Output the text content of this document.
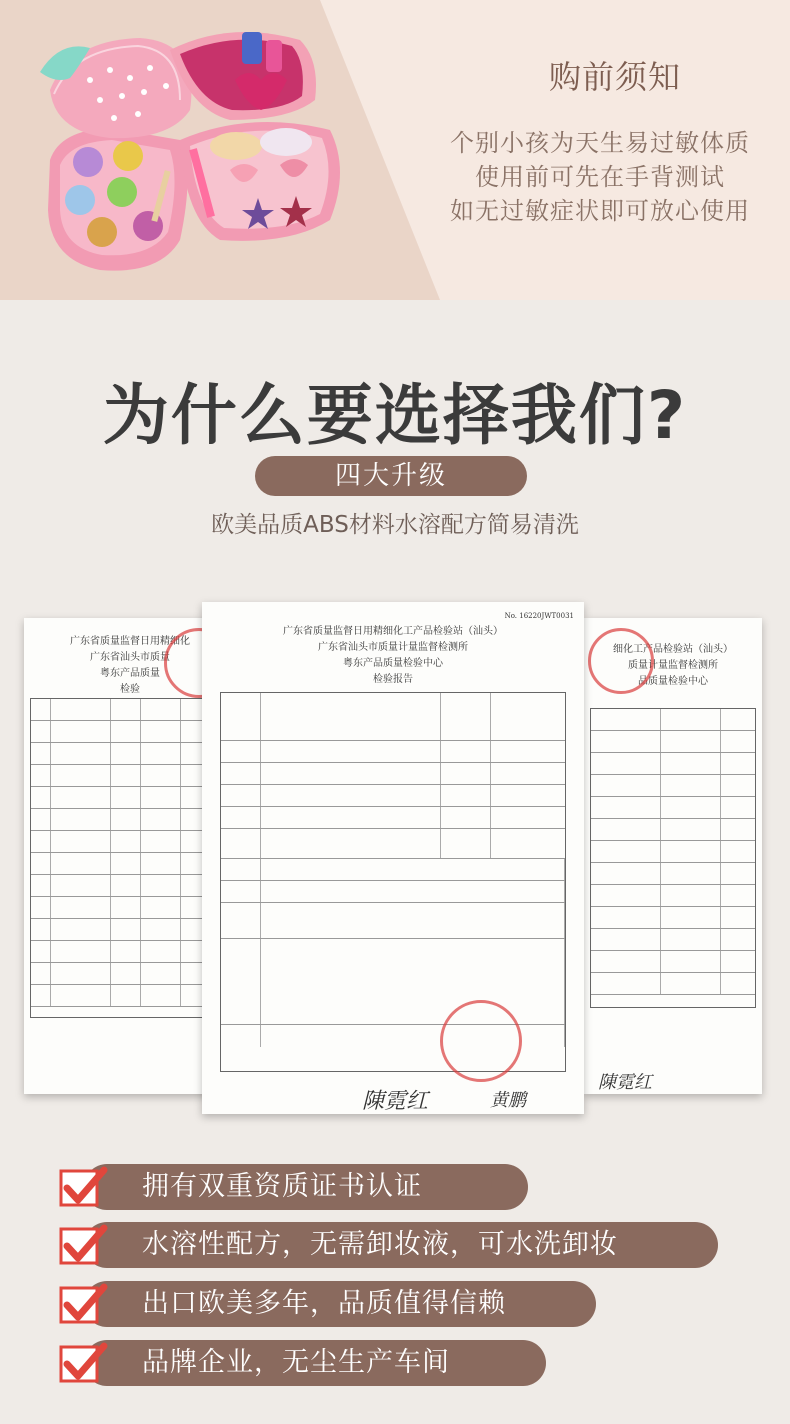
购前须知
个别小孩为天生易过敏体质
使用前可先在手背测试
如无过敏症状即可放心使用
为什么要选择我们?
四大升级
欧美品质ABS材料水溶配方简易清洗
广东省质量监督日用精细化
广东省汕头市质量
粤东产品质量
检验
细化工产品检验站（汕头）
质量计量监督检测所
品质量检验中心
陳霓红
No. 16220JWT0031
广东省质量监督日用精细化工产品检验站（汕头）
广东省汕头市质量计量监督检测所
粤东产品质量检验中心
检验报告
陳霓红	黄鹏
拥有双重资质证书认证
水溶性配方，无需卸妆液，可水洗卸妆
出口欧美多年，品质值得信赖
品牌企业，无尘生产车间
